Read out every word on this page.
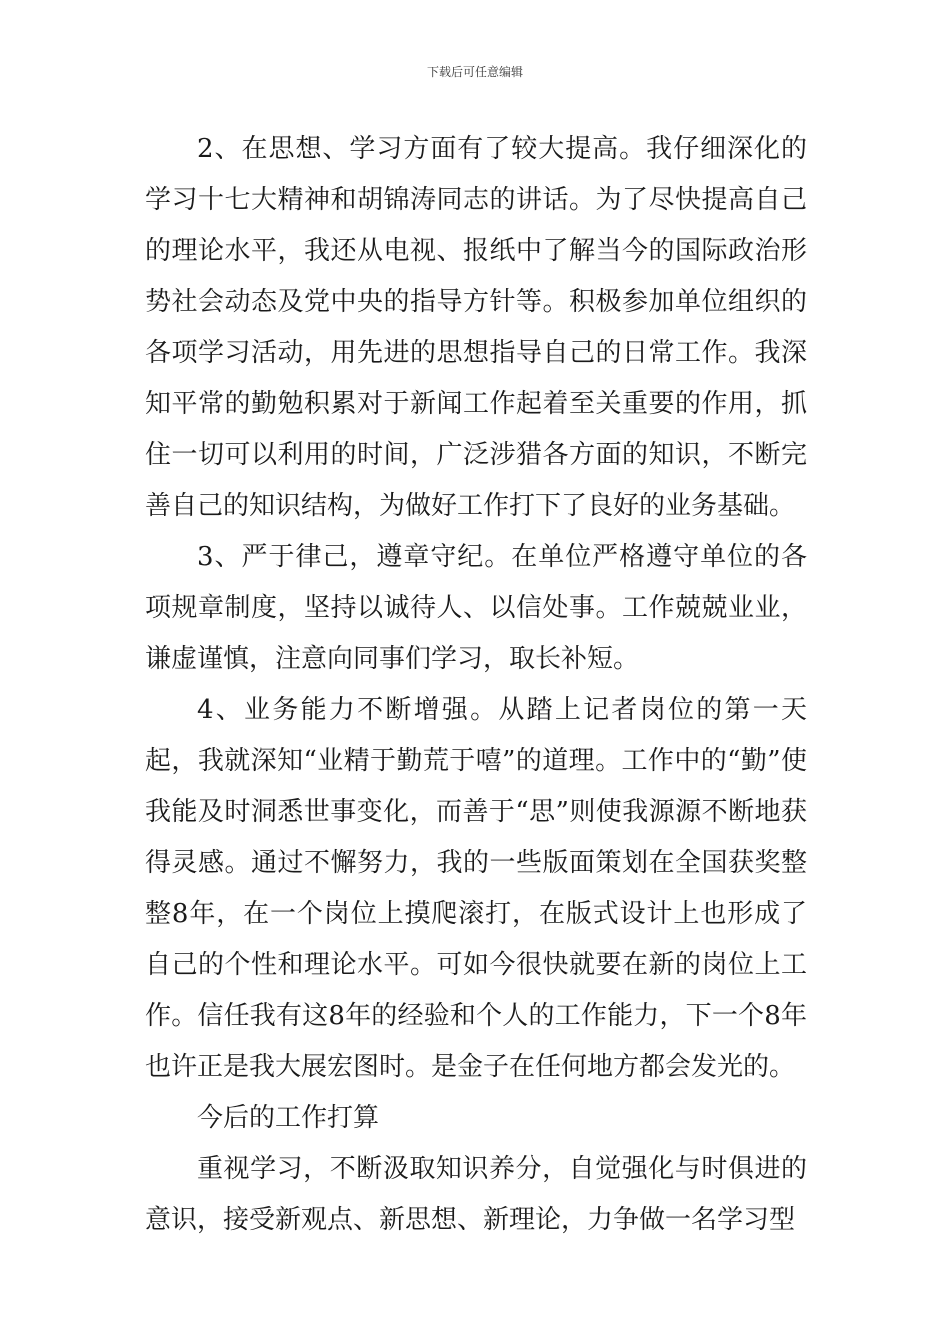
下载后可任意编辑

2、在思想、学习方面有了较大提高。我仔细深化的学习十七大精神和胡锦涛同志的讲话。为了尽快提高自己的理论水平，我还从电视、报纸中了解当今的国际政治形势社会动态及党中央的指导方针等。积极参加单位组织的各项学习活动，用先进的思想指导自己的日常工作。我深知平常的勤勉积累对于新闻工作起着至关重要的作用，抓住一切可以利用的时间，广泛涉猎各方面的知识，不断完善自己的知识结构，为做好工作打下了良好的业务基础。

3、严于律己，遵章守纪。在单位严格遵守单位的各项规章制度，坚持以诚待人、以信处事。工作兢兢业业，谦虚谨慎，注意向同事们学习，取长补短。

4、业务能力不断增强。从踏上记者岗位的第一天起，我就深知“业精于勤荒于嘻”的道理。工作中的“勤”使我能及时洞悉世事变化，而善于“思”则使我源源不断地获得灵感。通过不懈努力，我的一些版面策划在全国获奖整整8年，在一个岗位上摸爬滚打，在版式设计上也形成了自己的个性和理论水平。可如今很快就要在新的岗位上工作。信任我有这8年的经验和个人的工作能力，下一个8年也许正是我大展宏图时。是金子在任何地方都会发光的。

今后的工作打算

重视学习，不断汲取知识养分，自觉强化与时俱进的意识，接受新观点、新思想、新理论，力争做一名学习型
